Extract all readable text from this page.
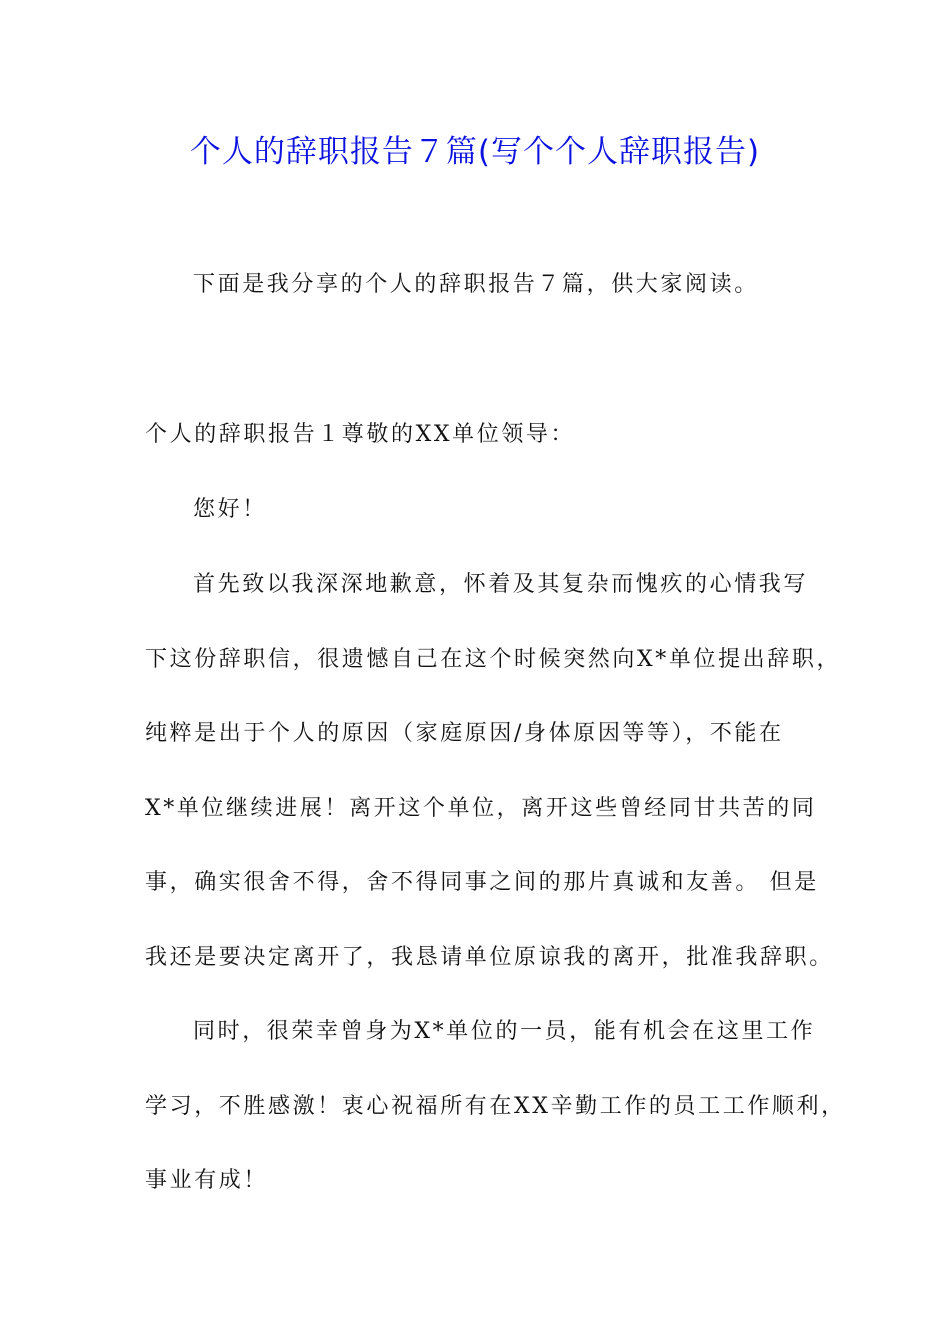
个人的辞职报告７篇(写个个人辞职报告)

下面是我分享的个人的辞职报告７篇，供大家阅读。

个人的辞职报告１尊敬的XX单位领导：

您好！

首先致以我深深地歉意，怀着及其复杂而愧疚的心情我写

下这份辞职信，很遗憾自己在这个时候突然向X*单位提出辞职，

纯粹是出于个人的原因（家庭原因/身体原因等等），不能在

X*单位继续进展！离开这个单位，离开这些曾经同甘共苦的同

事，确实很舍不得，舍不得同事之间的那片真诚和友善。 但是

我还是要决定离开了，我恳请单位原谅我的离开，批准我辞职。

同时，很荣幸曾身为X*单位的一员，能有机会在这里工作

学习，不胜感激！衷心祝福所有在XX辛勤工作的员工工作顺利，

事业有成！
